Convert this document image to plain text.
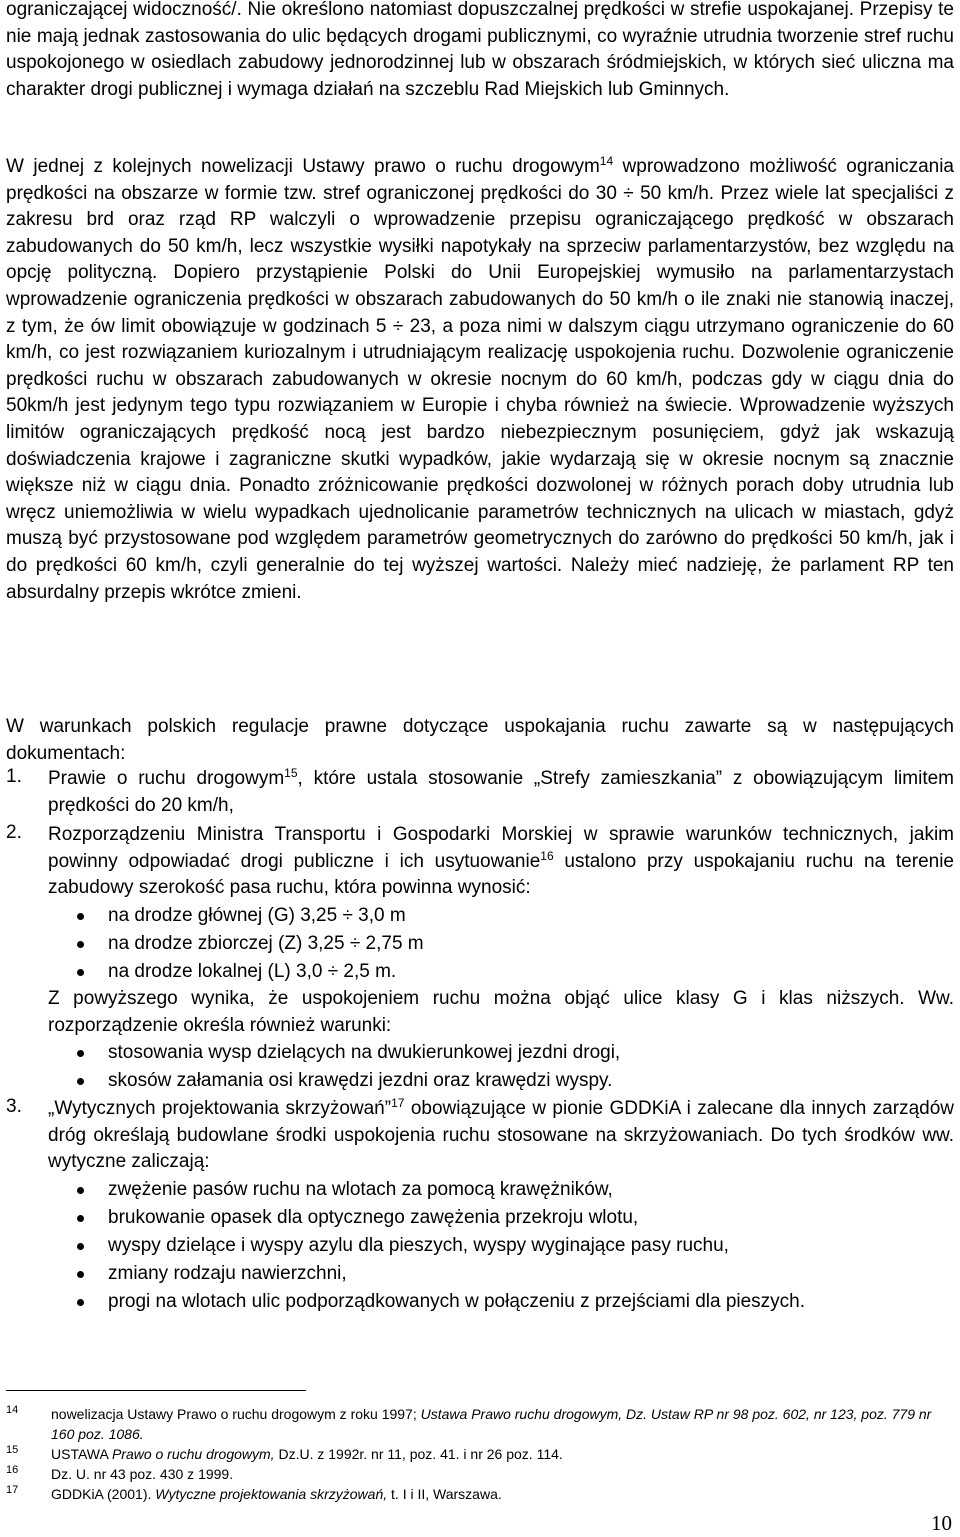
ograniczającej widoczność/. Nie określono natomiast dopuszczalnej prędkości w strefie uspokajanej. Przepisy te nie mają jednak zastosowania do ulic będących drogami publicznymi, co wyraźnie utrudnia tworzenie stref ruchu uspokojonego w osiedlach zabudowy jednorodzinnej lub w obszarach śródmiejskich, w których sieć uliczna ma charakter drogi publicznej i wymaga działań na szczeblu Rad Miejskich lub Gminnych.

W jednej z kolejnych nowelizacji Ustawy prawo o ruchu drogowym$^{14}$ wprowadzono możliwość ograniczania prędkości na obszarze w formie tzw. stref ograniczonej prędkości do 30 ÷ 50 km/h. Przez wiele lat specjaliści z zakresu brd oraz rząd RP walczyli o wprowadzenie przepisu ograniczającego prędkość w obszarach zabudowanych do 50 km/h, lecz wszystkie wysiłki napotykały na sprzeciw parlamentarzystów, bez względu na opcję polityczną. Dopiero przystąpienie Polski do Unii Europejskiej wymusiło na parlamentarzystach wprowadzenie ograniczenia prędkości w obszarach zabudowanych do 50 km/h o ile znaki nie stanowią inaczej, z tym, że ów limit obowiązuje w godzinach 5 ÷ 23, a poza nimi w dalszym ciągu utrzymano ograniczenie do 60 km/h, co jest rozwiązaniem kuriozalnym i utrudniającym realizację uspokojenia ruchu. Dozwolenie ograniczenie prędkości ruchu w obszarach zabudowanych w okresie nocnym do 60 km/h, podczas gdy w ciągu dnia do 50km/h jest jedynym tego typu rozwiązaniem w Europie i chyba również na świecie. Wprowadzenie wyższych limitów ograniczających prędkość nocą jest bardzo niebezpiecznym posunięciem, gdyż jak wskazują doświadczenia krajowe i zagraniczne skutki wypadków, jakie wydarzają się w okresie nocnym są znacznie większe niż w ciągu dnia. Ponadto zróżnicowanie prędkości dozwolonej w różnych porach doby utrudnia lub wręcz uniemożliwia w wielu wypadkach ujednolicanie parametrów technicznych na ulicach w miastach, gdyż muszą być przystosowane pod względem parametrów geometrycznych do zarówno do prędkości 50 km/h, jak i do prędkości 60 km/h, czyli generalnie do tej wyższej wartości. Należy mieć nadzieję, że parlament RP ten absurdalny przepis wkrótce zmieni.

W warunkach polskich regulacje prawne dotyczące uspokajania ruchu zawarte są w następujących dokumentach:

1. Prawie o ruchu drogowym$^{15}$, które ustala stosowanie „Strefy zamieszkania” z obowiązującym limitem prędkości do 20 km/h,

2. Rozporządzeniu Ministra Transportu i Gospodarki Morskiej w sprawie warunków technicznych, jakim powinny odpowiadać drogi publiczne i ich usytuowanie$^{16}$ ustalono przy uspokajaniu ruchu na terenie zabudowy szerokość pasa ruchu, która powinna wynosić:

na drodze głównej (G) 3,25 ÷ 3,0 m
na drodze zbiorczej (Z) 3,25 ÷ 2,75 m
na drodze lokalnej (L) 3,0 ÷ 2,5 m.

Z powyższego wynika, że uspokojeniem ruchu można objąć ulice klasy G i klas niższych. Ww. rozporządzenie określa również warunki:

stosowania wysp dzielących na dwukierunkowej jezdni drogi,
skosów załamania osi krawędzi jezdni oraz krawędzi wyspy.
3. „Wytycznych projektowania skrzyżowań”$^{17}$ obowiązujące w pionie GDDKiA i zalecane dla innych zarządów dróg określają budowlane środki uspokojenia ruchu stosowane na skrzyżowaniach. Do tych środków ww. wytyczne zaliczają:

zwężenie pasów ruchu na wlotach za pomocą krawężników,
brukowanie opasek dla optycznego zawężenia przekroju wlotu,
wyspy dzielące i wyspy azylu dla pieszych, wyspy wyginające pasy ruchu,
zmiany rodzaju nawierzchni,
progi na wlotach ulic podporządkowanych w połączeniu z przejściami dla pieszych.
14 nowelizacja Ustawy Prawo o ruchu drogowym z roku 1997; Ustawa Prawo ruchu drogowym, Dz. Ustaw RP nr 98 poz. 602, nr 123, poz. 779 nr 160 poz. 1086.
15 USTAWA Prawo o ruchu drogowym, Dz.U. z 1992r. nr 11, poz. 41. i nr 26 poz. 114.
16 Dz. U. nr 43 poz. 430 z 1999.
17 GDDKiA (2001). Wytyczne projektowania skrzyżowań, t. I i II, Warszawa.
10
